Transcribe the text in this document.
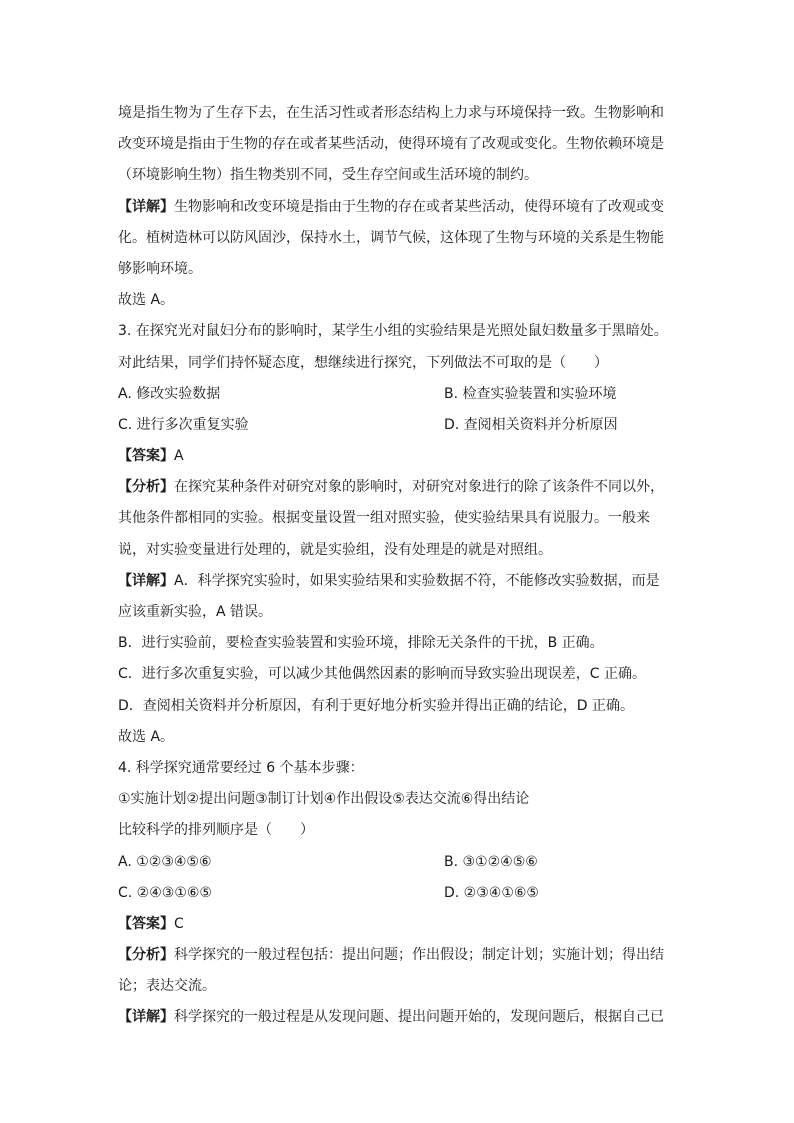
境是指生物为了生存下去，在生活习性或者形态结构上力求与环境保持一致。生物影响和
改变环境是指由于生物的存在或者某些活动，使得环境有了改观或变化。生物依赖环境是
（环境影响生物）指生物类别不同，受生存空间或生活环境的制约。
【详解】生物影响和改变环境是指由于生物的存在或者某些活动，使得环境有了改观或变
化。植树造林可以防风固沙，保持水土，调节气候，这体现了生物与环境的关系是生物能
够影响环境。
故选 A。
3. 在探究光对鼠妇分布的影响时，某学生小组的实验结果是光照处鼠妇数量多于黑暗处。
对此结果，同学们持怀疑态度，想继续进行探究，下列做法不可取的是（　　）
A. 修改实验数据	B. 检查实验装置和实验环境
C. 进行多次重复实验	D. 查阅相关资料并分析原因
【答案】A
【分析】在探究某种条件对研究对象的影响时，对研究对象进行的除了该条件不同以外，
其他条件都相同的实验。根据变量设置一组对照实验，使实验结果具有说服力。一般来
说，对实验变量进行处理的，就是实验组，没有处理是的就是对照组。
【详解】A．科学探究实验时，如果实验结果和实验数据不符，不能修改实验数据，而是
应该重新实验，A 错误。
B．进行实验前，要检查实验装置和实验环境，排除无关条件的干扰，B 正确。
C．进行多次重复实验，可以减少其他偶然因素的影响而导致实验出现误差，C 正确。
D．查阅相关资料并分析原因，有利于更好地分析实验并得出正确的结论，D 正确。
故选 A。
4. 科学探究通常要经过 6 个基本步骤：
①实施计划②提出问题③制订计划④作出假设⑤表达交流⑥得出结论
比较科学的排列顺序是（　　）
A. ①②③④⑤⑥	B. ③①②④⑤⑥
C. ②④③①⑥⑤	D. ②③④①⑥⑤
【答案】C
【分析】科学探究的一般过程包括：提出问题；作出假设；制定计划；实施计划；得出结
论；表达交流。
【详解】科学探究的一般过程是从发现问题、提出问题开始的，发现问题后，根据自己已
